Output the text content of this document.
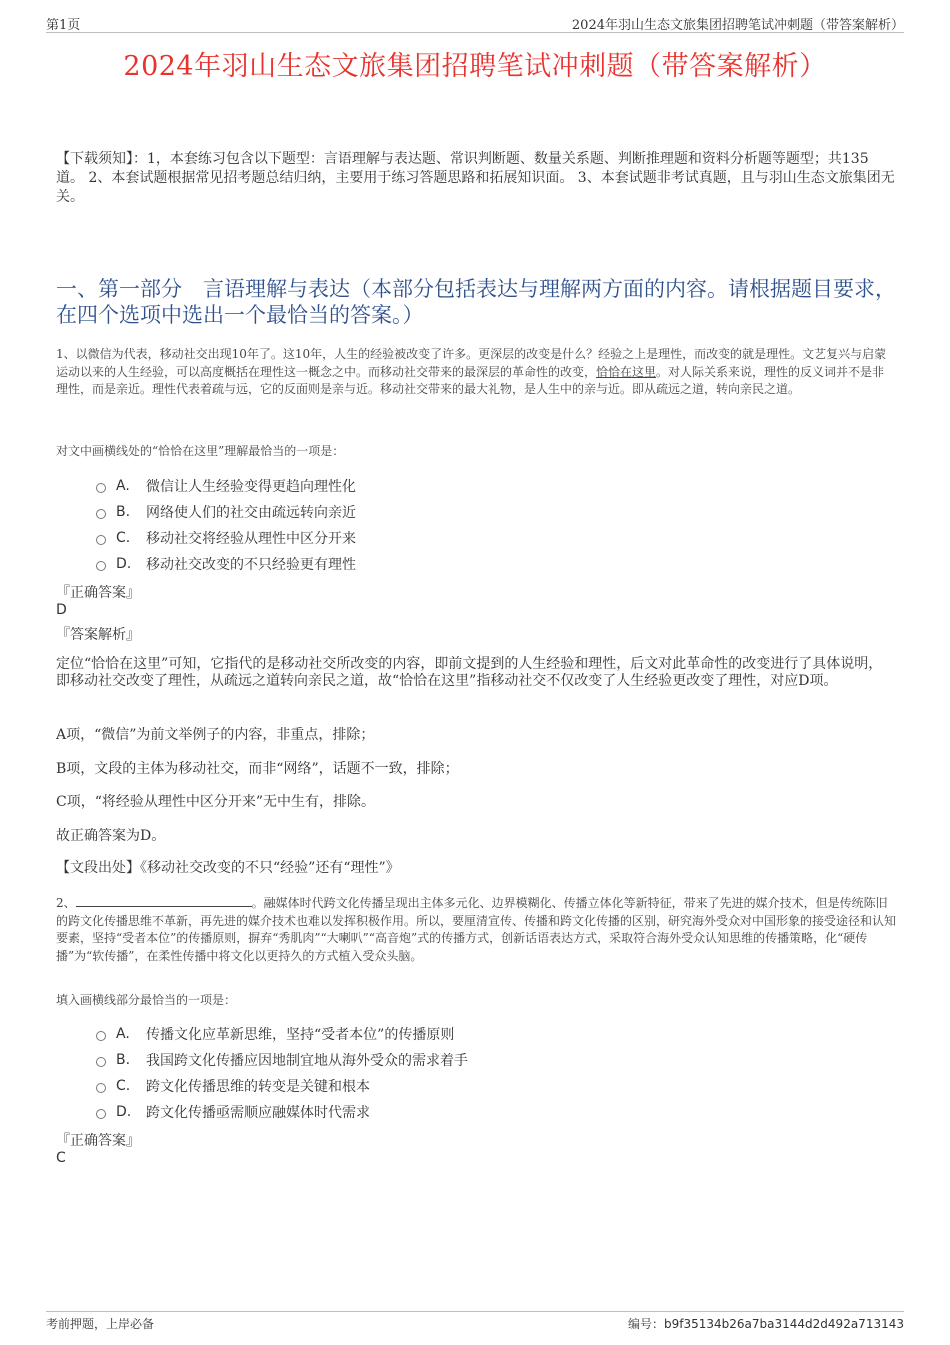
第1页	2024年羽山生态文旅集团招聘笔试冲刺题（带答案解析）
2024年羽山生态文旅集团招聘笔试冲刺题（带答案解析）
【下载须知】：1，本套练习包含以下题型：言语理解与表达题、常识判断题、数量关系题、判断推理题和资料分析题等题型；共135道。 2、本套试题根据常见招考题总结归纳，主要用于练习答题思路和拓展知识面。 3、本套试题非考试真题，且与羽山生态文旅集团无关。
一、第一部分　言语理解与表达（本部分包括表达与理解两方面的内容。请根据题目要求，在四个选项中选出一个最恰当的答案。）
1、以微信为代表，移动社交出现10年了。这10年，人生的经验被改变了许多。更深层的改变是什么？经验之上是理性，而改变的就是理性。文艺复兴与启蒙运动以来的人生经验，可以高度概括在理性这一概念之中。而移动社交带来的最深层的革命性的改变，恰恰在这里。对人际关系来说，理性的反义词并不是非理性，而是亲近。理性代表着疏与远，它的反面则是亲与近。移动社交带来的最大礼物，是人生中的亲与近。即从疏远之道，转向亲民之道。
对文中画横线处的“恰恰在这里”理解最恰当的一项是：
A.	微信让人生经验变得更趋向理性化
B.	网络使人们的社交由疏远转向亲近
C.	移动社交将经验从理性中区分开来
D.	移动社交改变的不只经验更有理性
『正确答案』
D
『答案解析』
定位“恰恰在这里”可知，它指代的是移动社交所改变的内容，即前文提到的人生经验和理性，后文对此革命性的改变进行了具体说明，即移动社交改变了理性，从疏远之道转向亲民之道，故“恰恰在这里”指移动社交不仅改变了人生经验更改变了理性，对应D项。
A项，“微信”为前文举例子的内容，非重点，排除；
B项，文段的主体为移动社交，而非“网络”，话题不一致，排除；
C项，“将经验从理性中区分开来”无中生有，排除。
故正确答案为D。
【文段出处】《移动社交改变的不只“经验”还有“理性”》
2、	。融媒体时代跨文化传播呈现出主体多元化、边界模糊化、传播立体化等新特征，带来了先进的媒介技术，但是传统陈旧的跨文化传播思维不革新，再先进的媒介技术也难以发挥积极作用。所以，要厘清宣传、传播和跨文化传播的区别，研究海外受众对中国形象的接受途径和认知要素，坚持“受者本位”的传播原则，摒弃“秀肌肉”“大喇叭”“高音炮”式的传播方式，创新话语表达方式，采取符合海外受众认知思维的传播策略，化“硬传播”为“软传播”，在柔性传播中将文化以更持久的方式植入受众头脑。
填入画横线部分最恰当的一项是：
A.	传播文化应革新思维，坚持“受者本位”的传播原则
B.	我国跨文化传播应因地制宜地从海外受众的需求着手
C.	跨文化传播思维的转变是关键和根本
D.	跨文化传播亟需顺应融媒体时代需求
『正确答案』
C
考前押题，上岸必备	编号：b9f35134b26a7ba3144d2d492a713143
